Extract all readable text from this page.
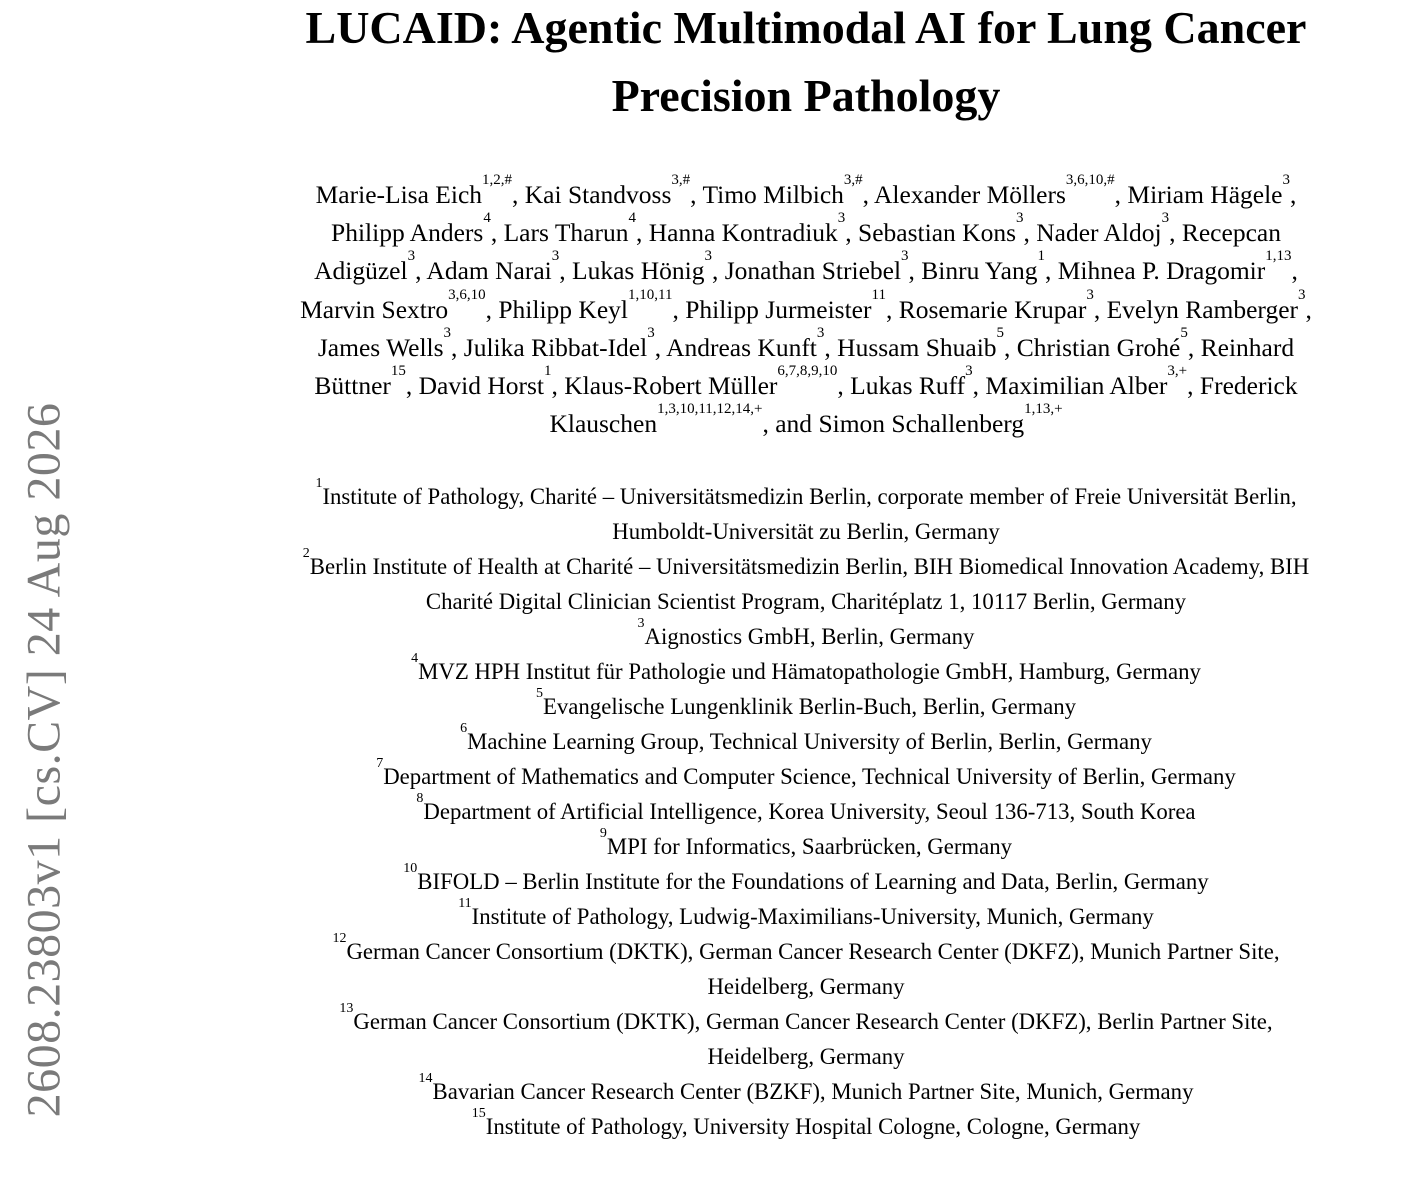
2608.23803v1 [cs.CV] 24 Aug 2026
LUCAID: Agentic Multimodal AI for Lung Cancer
Precision Pathology
Marie-Lisa Eich$^{1,2,\#}$, Kai Standvoss$^{3,\#}$, Timo Milbich$^{3,\#}$, Alexander Möllers$^{3,6,10,\#}$, Miriam Hägele$^3$,
Philipp Anders$^4$, Lars Tharun$^4$, Hanna Kontradiuk$^3$, Sebastian Kons$^3$, Nader Aldoj$^3$, Recepcan
Adigüzel$^3$, Adam Narai$^3$, Lukas Hönig$^3$, Jonathan Striebel$^3$, Binru Yang$^1$, Mihnea P. Dragomir$^{1,13}$,
Marvin Sextro$^{3,6,10}$, Philipp Keyl$^{1,10,11}$, Philipp Jurmeister$^{11}$, Rosemarie Krupar$^3$, Evelyn Ramberger$^3$,
James Wells$^3$, Julika Ribbat-Idel$^3$, Andreas Kunft$^3$, Hussam Shuaib$^5$, Christian Grohé$^5$, Reinhard
Büttner$^{15}$, David Horst$^1$, Klaus-Robert Müller$^{6,7,8,9,10}$, Lukas Ruff$^3$, Maximilian Alber$^{3,+}$, Frederick
Klauschen$^{1,3,10,11,12,14,+}$, and Simon Schallenberg$^{1,13,+}$
$^1$Institute of Pathology, Charité – Universitätsmedizin Berlin, corporate member of Freie Universität Berlin,
Humboldt-Universität zu Berlin, Germany
$^2$Berlin Institute of Health at Charité – Universitätsmedizin Berlin, BIH Biomedical Innovation Academy, BIH
Charité Digital Clinician Scientist Program, Charitéplatz 1, 10117 Berlin, Germany
$^3$Aignostics GmbH, Berlin, Germany
$^4$MVZ HPH Institut für Pathologie und Hämatopathologie GmbH, Hamburg, Germany
$^5$Evangelische Lungenklinik Berlin-Buch, Berlin, Germany
$^6$Machine Learning Group, Technical University of Berlin, Berlin, Germany
$^7$Department of Mathematics and Computer Science, Technical University of Berlin, Germany
$^8$Department of Artificial Intelligence, Korea University, Seoul 136-713, South Korea
$^9$MPI for Informatics, Saarbrücken, Germany
$^{10}$BIFOLD – Berlin Institute for the Foundations of Learning and Data, Berlin, Germany
$^{11}$Institute of Pathology, Ludwig-Maximilians-University, Munich, Germany
$^{12}$German Cancer Consortium (DKTK), German Cancer Research Center (DKFZ), Munich Partner Site,
Heidelberg, Germany
$^{13}$German Cancer Consortium (DKTK), German Cancer Research Center (DKFZ), Berlin Partner Site,
Heidelberg, Germany
$^{14}$Bavarian Cancer Research Center (BZKF), Munich Partner Site, Munich, Germany
$^{15}$Institute of Pathology, University Hospital Cologne, Cologne, Germany
